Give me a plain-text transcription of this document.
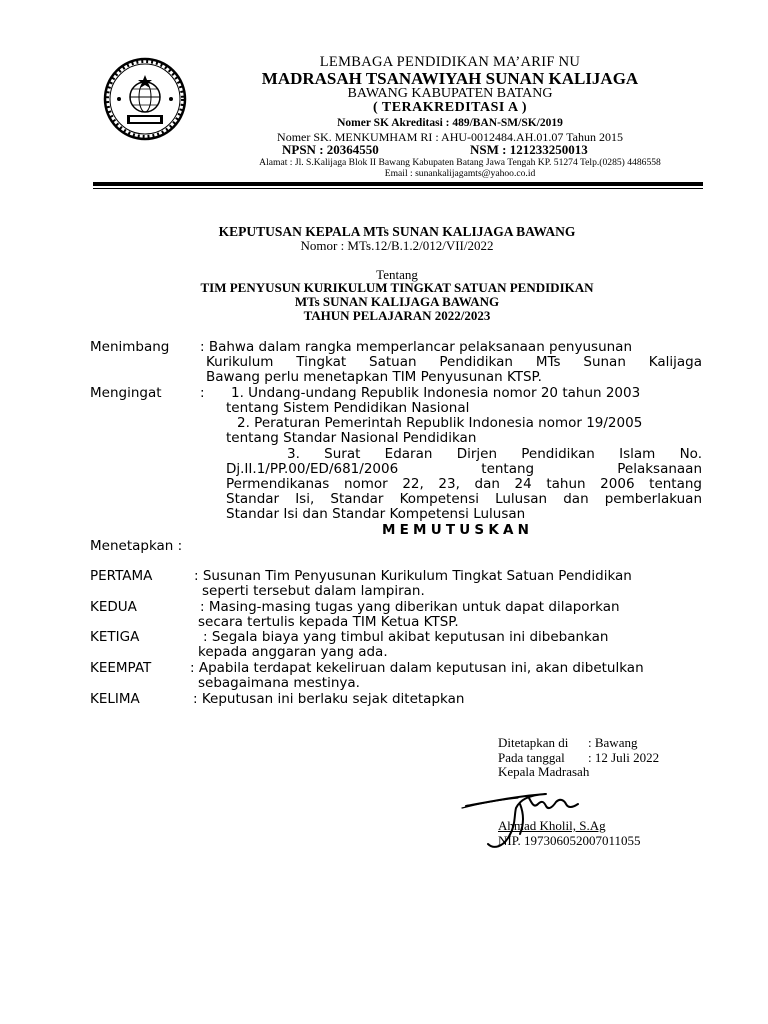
LEMBAGA PENDIDIKAN MA’ARIF NU
MADRASAH TSANAWIYAH SUNAN KALIJAGA
BAWANG KABUPATEN BATANG
( TERAKREDITASI A )
Nomer SK Akreditasi : 489/BAN-SM/SK/2019
Nomer SK. MENKUMHAM RI : AHU-0012484.AH.01.07 Tahun 2015
NPSN : 20364550	NSM : 121233250013
Alamat : Jl. S.Kalijaga Blok II Bawang Kabupaten Batang Jawa Tengah KP. 51274 Telp.(0285) 4486558
Email : sunankalijagamts@yahoo.co.id
KEPUTUSAN KEPALA MTs SUNAN KALIJAGA BAWANG
Nomor : MTs.12/B.1.2/012/VII/2022
Tentang
TIM PENYUSUN KURIKULUM TINGKAT SATUAN PENDIDIKAN
MTs SUNAN KALIJAGA BAWANG
TAHUN PELAJARAN 2022/2023
Menimbang : Bahwa dalam rangka memperlancar pelaksanaan penyusunan
Kurikulum Tingkat Satuan Pendidikan MTs Sunan Kalijaga
Bawang perlu menetapkan TIM Penyusunan KTSP.
Mengingat	: 1. Undang-undang Republik Indonesia nomor 20 tahun 2003
tentang Sistem Pendidikan Nasional
2. Peraturan Pemerintah Republik Indonesia nomor 19/2005
tentang Standar Nasional Pendidikan
3. Surat Edaran Dirjen Pendidikan Islam No.
Dj.II.1/PP.00/ED/681/2006 tentang Pelaksanaan
Permendikanas nomor 22, 23, dan 24 tahun 2006 tentang
Standar Isi, Standar Kompetensi Lulusan dan pemberlakuan
Standar Isi dan Standar Kompetensi Lulusan
MEMUTUSKAN
Menetapkan :
PERTAMA	: Susunan Tim Penyusunan Kurikulum Tingkat Satuan Pendidikan
seperti tersebut dalam lampiran.
KEDUA	: Masing-masing tugas yang diberikan untuk dapat dilaporkan
secara tertulis kepada TIM Ketua KTSP.
KETIGA	: Segala biaya yang timbul akibat keputusan ini dibebankan
kepada anggaran yang ada.
KEEMPAT	: Apabila terdapat kekeliruan dalam keputusan ini, akan dibetulkan
sebagaimana mestinya.
KELIMA	: Keputusan ini berlaku sejak ditetapkan
Ditetapkan di : Bawang
Pada tanggal : 12 Juli 2022
Kepala Madrasah
Ahmad Kholil, S.Ag
NIP. 197306052007011055
